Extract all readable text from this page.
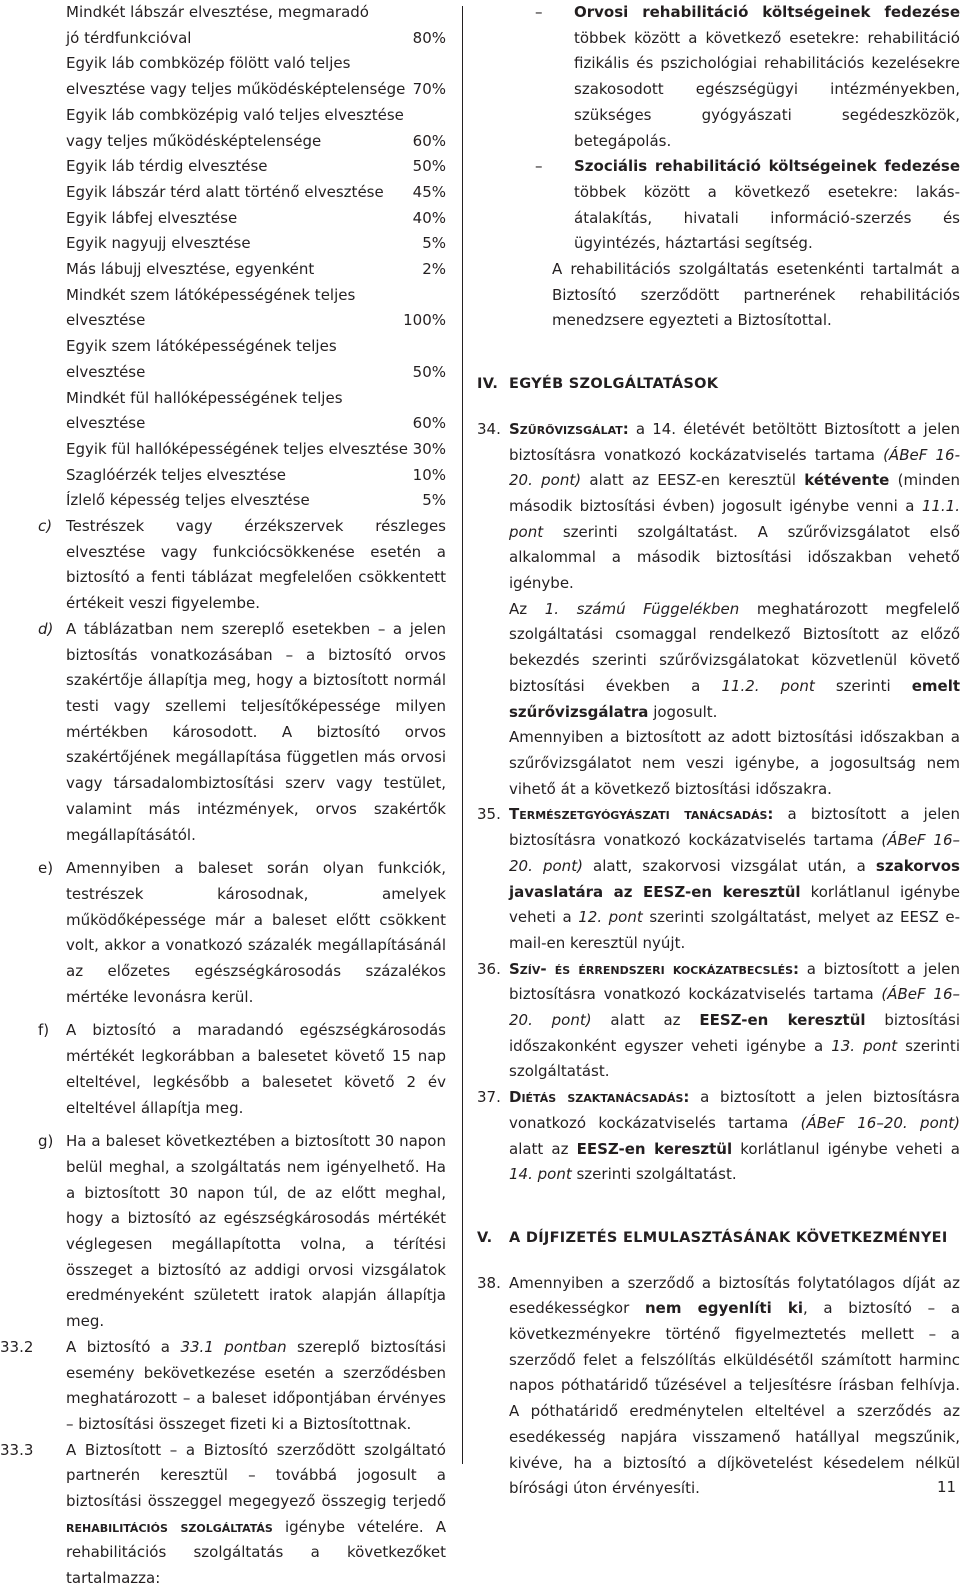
Mindkét lábszár elvesztése, megmaradó
jó térdfunkcióval	80%
Egyik láb combközép fölött való teljes
elvesztése vagy teljes működésképtelensége 70%
Egyik láb combközépig való teljes elvesztése
vagy teljes működésképtelensége	60%
Egyik láb térdig elvesztése	50%
Egyik lábszár térd alatt történő elvesztése 45%
Egyik lábfej elvesztése	40%
Egyik nagyujj elvesztése	5%
Más lábujj elvesztése, egyenként	2%
Mindkét szem látóképességének teljes
elvesztése	100%
Egyik szem látóképességének teljes
elvesztése	50%
Mindkét fül hallóképességének teljes
elvesztése	60%
Egyik fül hallóképességének teljes elvesztése 30%
Szaglóérzék teljes elvesztése	10%
Ízlelő képesség teljes elvesztése	5%
c) Testrészek vagy érzékszervek részleges elvesztése vagy funkciócsökkenése esetén a biztosító a fenti táblázat megfelelően csökkentett értékeit veszi figyelembe.

d) A táblázatban nem szereplő esetekben – a jelen biztosítás vonatkozásában – a biztosító orvos szakértője állapítja meg, hogy a biztosított normál testi vagy szellemi teljesítőképessége milyen mértékben károsodott. A biztosító orvos szakértőjének megállapítása független más orvosi vagy társadalombiztosítási szerv vagy testület, valamint más intézmények, orvos szakértők megállapításától.

e) Amennyiben a baleset során olyan funkciók, testrészek károsodnak, amelyek működőképessége már a baleset előtt csökkent volt, akkor a vonatkozó százalék megállapításánál az előzetes egészségkárosodás százalékos mértéke levonásra kerül.

f) A biztosító a maradandó egészségkárosodás mértékét legkorábban a balesetet követő 15 nap elteltével, legkésőbb a balesetet követő 2 év elteltével állapítja meg.

g) Ha a baleset következtében a biztosított 30 napon belül meghal, a szolgáltatás nem igényelhető. Ha a biztosított 30 napon túl, de az előtt meghal, hogy a biztosító az egészségkárosodás mértékét véglegesen megállapította volna, a térítési összeget a biztosító az addigi orvosi vizsgálatok eredményeként született iratok alapján állapítja meg.

33.2 A biztosító a 33.1 pontban szereplő biztosítási esemény bekövetkezése esetén a szerződésben meghatározott – a baleset időpontjában érvényes – biztosítási összeget fizeti ki a Biztosítottnak.

33.3 A Biztosított – a Biztosító szerződött szolgáltató partnerén keresztül – továbbá jogosult a biztosítási összeggel megegyező összegig terjedő rehabilitációs szolgáltatás igénybe vételére. A rehabilitációs szolgáltatás a következőket tartalmazza:

– Orvosi rehabilitáció költségeinek fedezése többek között a következő esetekre: rehabilitáció fizikális és pszichológiai rehabilitációs kezelésekre szakosodott egészségügyi intézményekben, szükséges gyógyászati segédeszközök, betegápolás.

– Szociális rehabilitáció költségeinek fedezése többek között a következő esetekre: lakás-átalakítás, hivatali információ-szerzés és ügyintézés, háztartási segítség.

A rehabilitációs szolgáltatás esetenkénti tartalmát a Biztosító szerződött partnerének rehabilitációs menedzsere egyezteti a Biztosítottal.

IV. EGYÉB SZOLGÁLTATÁSOK
34. Szűrővizsgálat: a 14. életévét betöltött Biztosított a jelen biztosításra vonatkozó kockázatviselés tartama (ÁBeF 16-20. pont) alatt az EESZ-en keresztül kétévente (minden második biztosítási évben) jogosult igénybe venni a 11.1. pont szerinti szolgáltatást. A szűrővizsgálatot első alkalommal a második biztosítási időszakban vehető igénybe.

Az 1. számú Függelékben meghatározott megfelelő szolgáltatási csomaggal rendelkező Biztosított az előző bekezdés szerinti szűrővizsgálatokat közvetlenül követő biztosítási években a 11.2. pont szerinti emelt szűrővizsgálatra jogosult.

Amennyiben a biztosított az adott biztosítási időszakban a szűrővizsgálatot nem veszi igénybe, a jogosultság nem vihető át a következő biztosítási időszakra.

35. Természetgyógyászati tanácsadás: a biztosított a jelen biztosításra vonatkozó kockázatviselés tartama (ÁBeF 16–20. pont) alatt, szakorvosi vizsgálat után, a szakorvos javaslatára az EESZ-en keresztül korlátlanul igénybe veheti a 12. pont szerinti szolgáltatást, melyet az EESZ e-mail-en keresztül nyújt.

36. Szív- és érrendszeri kockázatbecslés: a biztosított a jelen biztosításra vonatkozó kockázatviselés tartama (ÁBeF 16–20. pont) alatt az EESZ-en keresztül biztosítási időszakonként egyszer veheti igénybe a 13. pont szerinti szolgáltatást.

37. Diétás szaktanácsadás: a biztosított a jelen biztosításra vonatkozó kockázatviselés tartama (ÁBeF 16–20. pont) alatt az EESZ-en keresztül korlátlanul igénybe veheti a 14. pont szerinti szolgáltatást.

V. A DÍJFIZETÉS ELMULASZTÁSÁNAK KÖVETKEZMÉNYEI
38. Amennyiben a szerződő a biztosítás folytatólagos díját az esedékességkor nem egyenlíti ki, a biztosító – a következményekre történő figyelmeztetés mellett – a szerződő felet a felszólítás elküldésétől számított harminc napos póthatáridő tűzésével a teljesítésre írásban felhívja. A póthatáridő eredménytelen elteltével a szerződés az esedékesség napjára visszamenő hatállyal megszűnik, kivéve, ha a biztosító a díjkövetelést késedelem nélkül bírósági úton érvényesíti.	11
